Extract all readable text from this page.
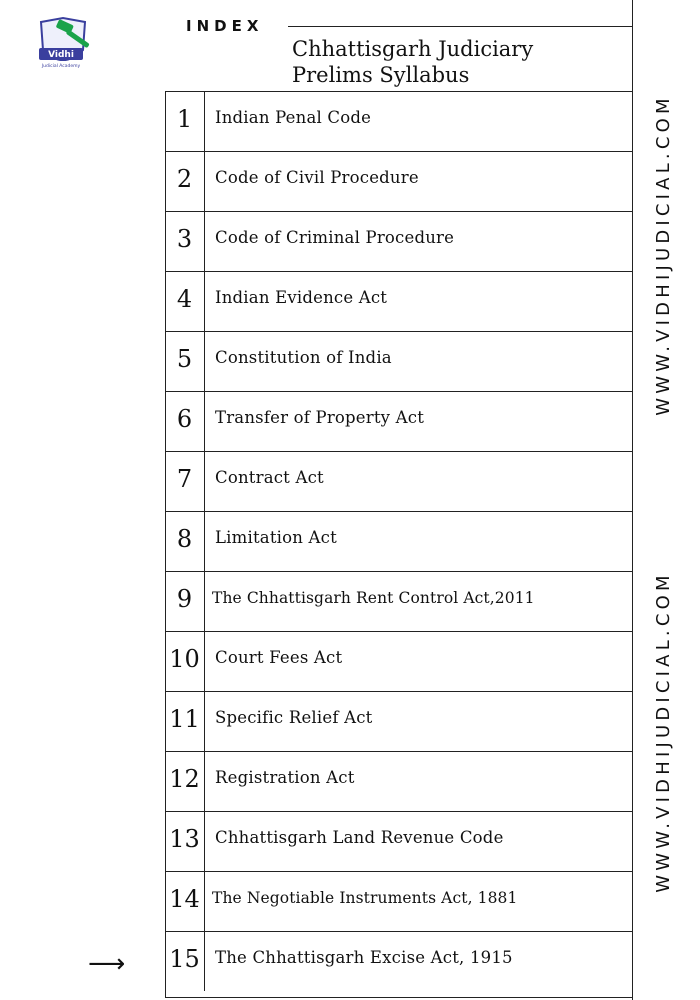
Vidhi
Judicial Academy
INDEX
Chhattisgarh Judiciary
Prelims Syllabus
1	Indian Penal Code
2	Code of Civil Procedure
3	Code of Criminal Procedure
4	Indian Evidence Act
5	Constitution of India
6	Transfer of Property Act
7	Contract Act
8	Limitation Act
9	The Chhattisgarh Rent Control Act,2011
10 Court Fees Act
11 Specific Relief Act
12 Registration Act
13 Chhattisgarh Land Revenue Code
14 The Negotiable Instruments Act, 1881
15 The Chhattisgarh Excise Act, 1915
⟶
WWW.VIDHIJUDICIAL.COM
WWW.VIDHIJUDICIAL.COM
